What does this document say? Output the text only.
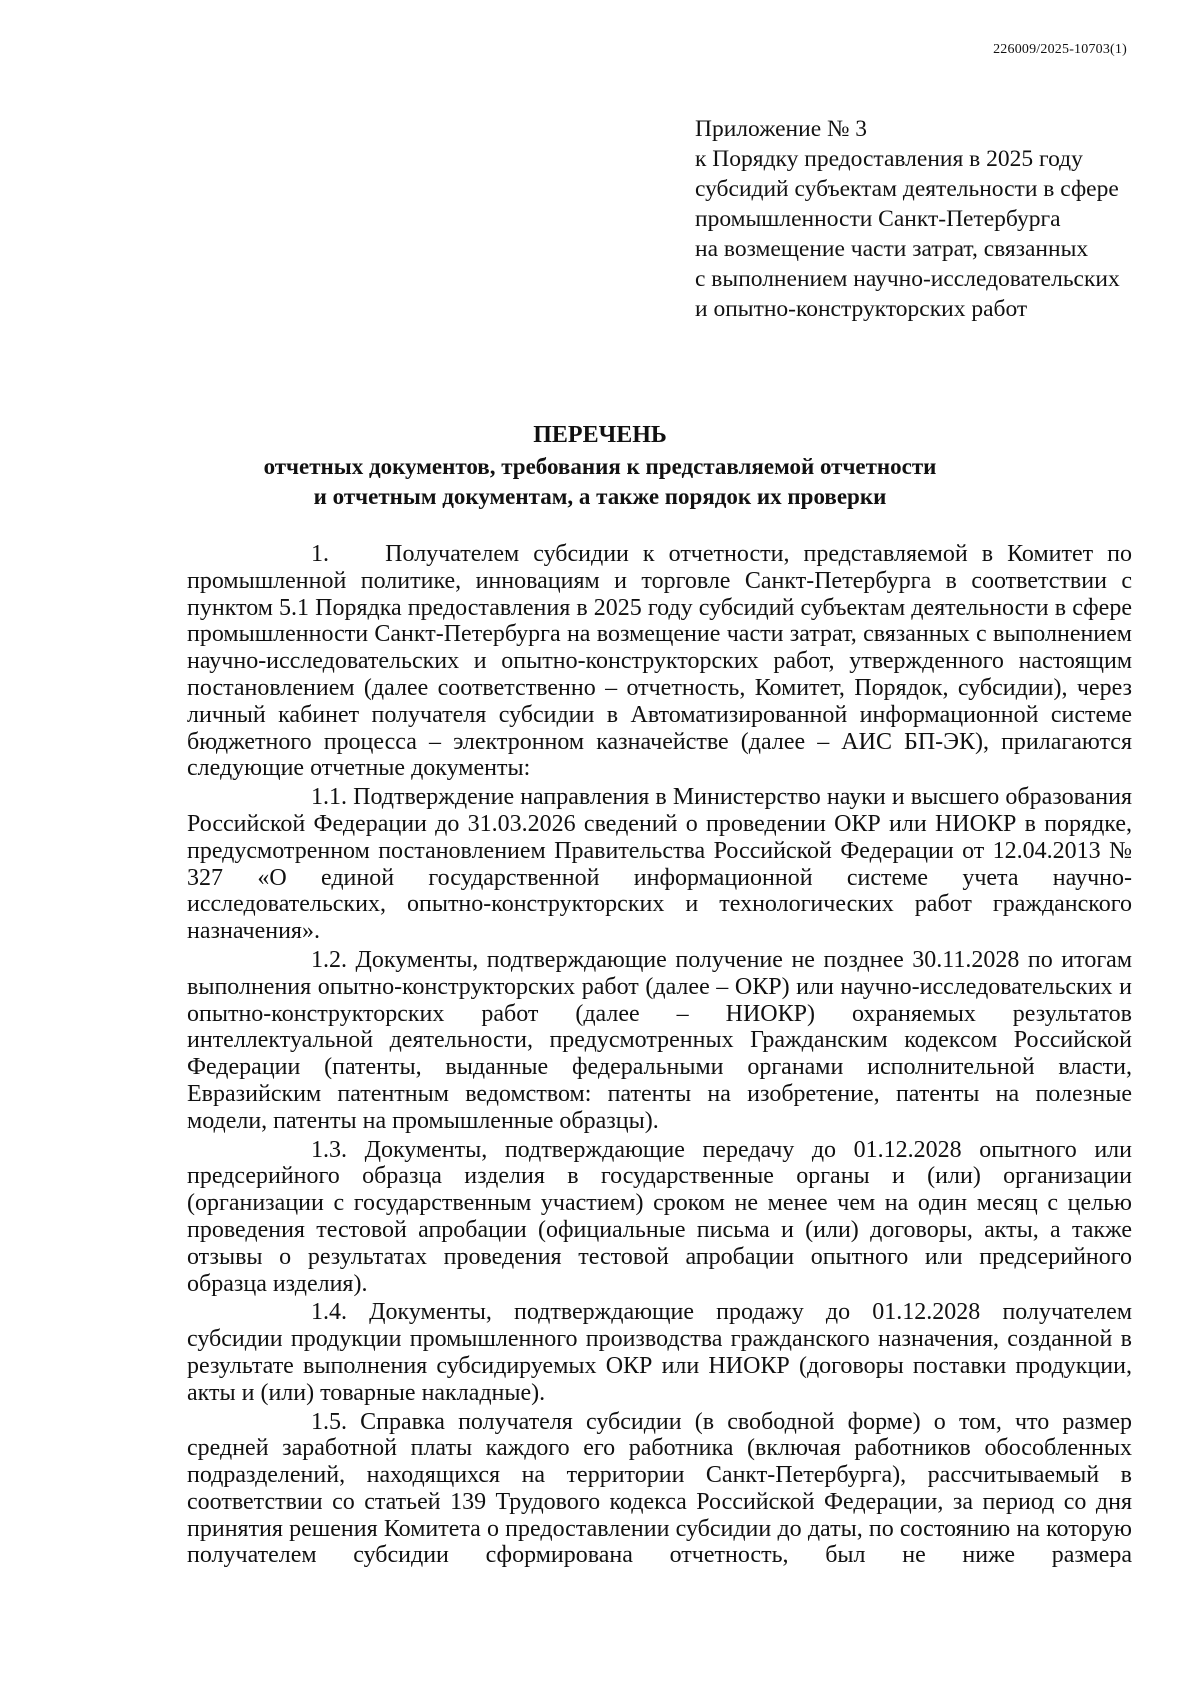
226009/2025-10703(1)
Приложение № 3
к Порядку предоставления в 2025 году
субсидий субъектам деятельности в сфере
промышленности Санкт-Петербурга
на возмещение части затрат, связанных
с выполнением научно-исследовательских
и опытно-конструкторских работ
ПЕРЕЧЕНЬ
отчетных документов, требования к представляемой отчетности
и отчетным документам, а также порядок их проверки

1. Получателем субсидии к отчетности, представляемой в Комитет по промышленной политике, инновациям и торговле Санкт-Петербурга в соответствии с пунктом 5.1 Порядка предоставления в 2025 году субсидий субъектам деятельности в сфере промышленности Санкт-Петербурга на возмещение части затрат, связанных с выполнением научно-исследовательских и опытно-конструкторских работ, утвержденного настоящим постановлением (далее соответственно – отчетность, Комитет, Порядок, субсидии), через личный кабинет получателя субсидии в Автоматизированной информационной системе бюджетного процесса – электронном казначействе (далее – АИС БП-ЭК), прилагаются следующие отчетные документы:

1.1. Подтверждение направления в Министерство науки и высшего образования Российской Федерации до 31.03.2026 сведений о проведении ОКР или НИОКР в порядке, предусмотренном постановлением Правительства Российской Федерации от 12.04.2013 № 327 «О единой государственной информационной системе учета научно-исследовательских, опытно-конструкторских и технологических работ гражданского назначения».

1.2. Документы, подтверждающие получение не позднее 30.11.2028 по итогам выполнения опытно-конструкторских работ (далее – ОКР) или научно-исследовательских и опытно-конструкторских работ (далее – НИОКР) охраняемых результатов интеллектуальной деятельности, предусмотренных Гражданским кодексом Российской Федерации (патенты, выданные федеральными органами исполнительной власти, Евразийским патентным ведомством: патенты на изобретение, патенты на полезные модели, патенты на промышленные образцы).

1.3. Документы, подтверждающие передачу до 01.12.2028 опытного или предсерийного образца изделия в государственные органы и (или) организации (организации с государственным участием) сроком не менее чем на один месяц с целью проведения тестовой апробации (официальные письма и (или) договоры, акты, а также отзывы о результатах проведения тестовой апробации опытного или предсерийного образца изделия).

1.4. Документы, подтверждающие продажу до 01.12.2028 получателем субсидии продукции промышленного производства гражданского назначения, созданной в результате выполнения субсидируемых ОКР или НИОКР (договоры поставки продукции, акты и (или) товарные накладные).

1.5. Справка получателя субсидии (в свободной форме) о том, что размер средней заработной платы каждого его работника (включая работников обособленных подразделений, находящихся на территории Санкт-Петербурга), рассчитываемый в соответствии со статьей 139 Трудового кодекса Российской Федерации, за период со дня принятия решения Комитета о предоставлении субсидии до даты, по состоянию на которую получателем субсидии сформирована отчетность, был не ниже размера
